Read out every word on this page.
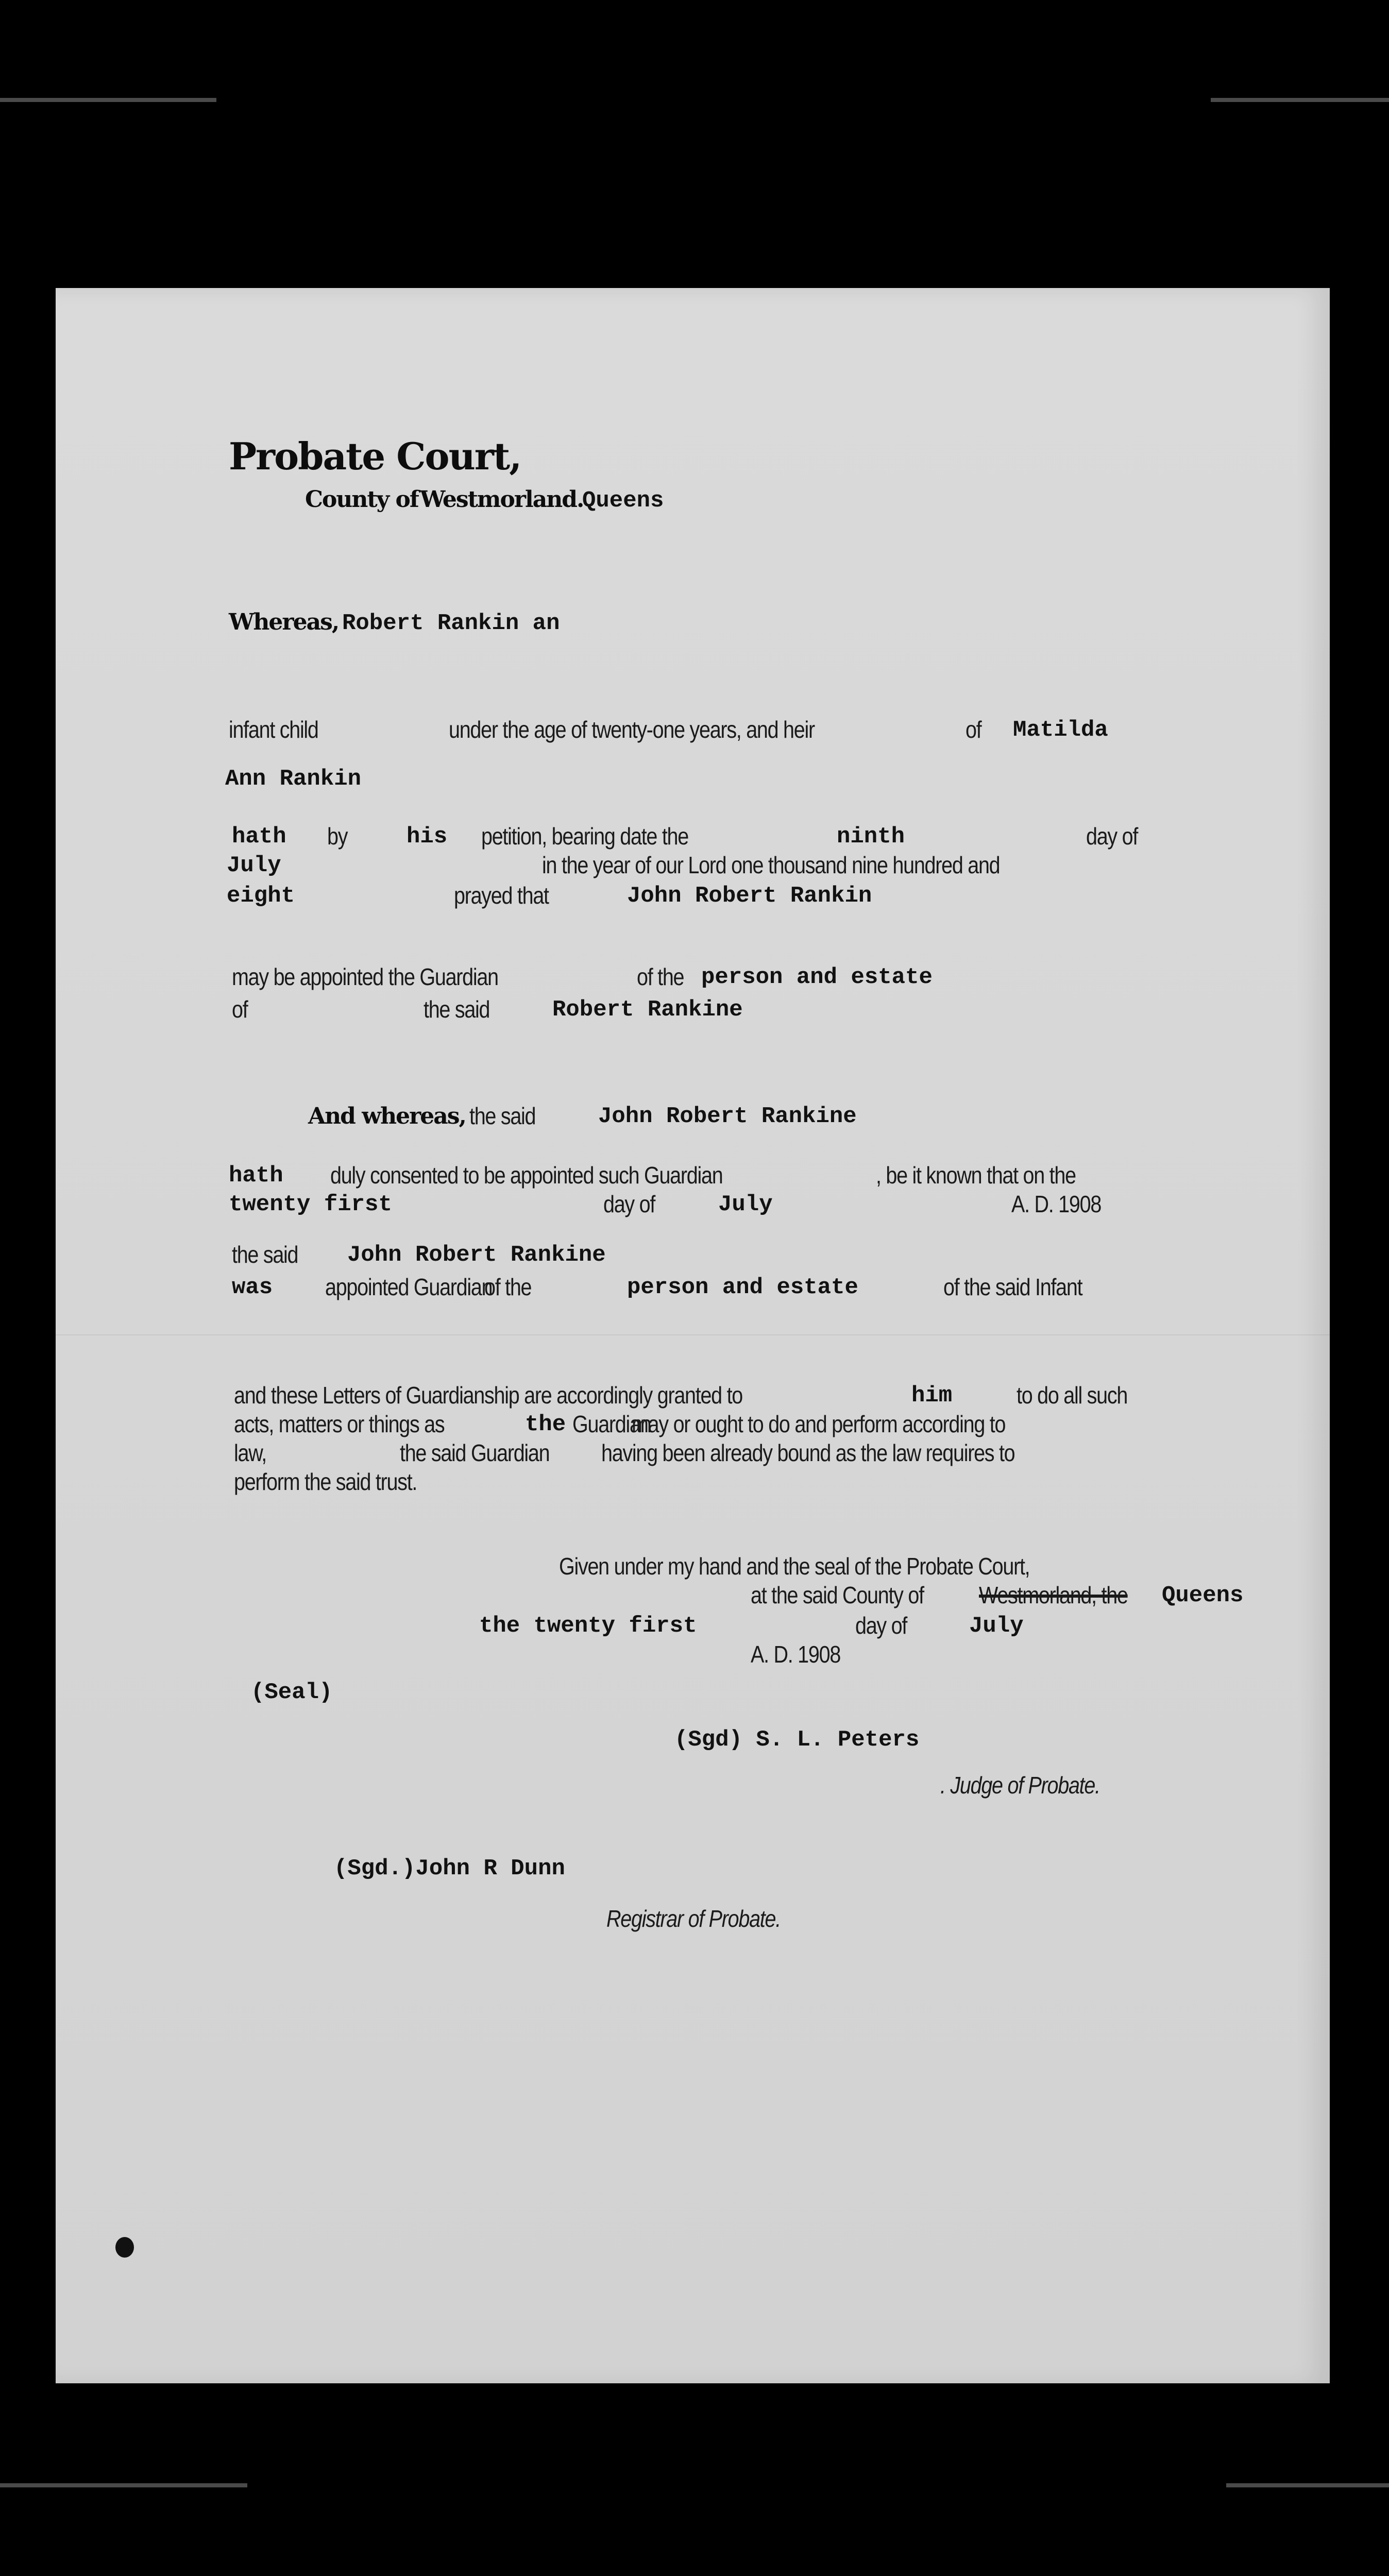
Probate Court,
County of Westmorland.
Queens
Whereas, Robert Rankin an
infant child	under the age of twenty-one years, and heir	of Matilda
Ann Rankin
hath by	his petition, bearing date the	ninth	day of
July	in the year of our Lord one thousand nine hundred and
eight	prayed that	John Robert Rankin
may be appointed the Guardian	of the person and estate
of	the said	Robert Rankine
And whereas, the said	John Robert Rankine
hath duly consented to be appointed such Guardian	, be it known that on the
twenty first	day of	July	A. D. 1908
the said John Robert Rankine
was appointed Guardian
of the	person and estate	of the said Infant
and these Letters of Guardianship are accordingly granted to	him	to do all such
acts, matters or things as	the Guardian
may or ought to do and perform according to
law,	the said Guardian having been already bound as the law requires to
perform the said trust.
Given under my hand and the seal of the Probate Court,
at the said County of Westmorland, the Queens
the twenty first	day of	July
A. D. 1908
(Seal)
(Sgd) S. L. Peters
. Judge of Probate.
(Sgd.)John R Dunn
Registrar of Probate.
